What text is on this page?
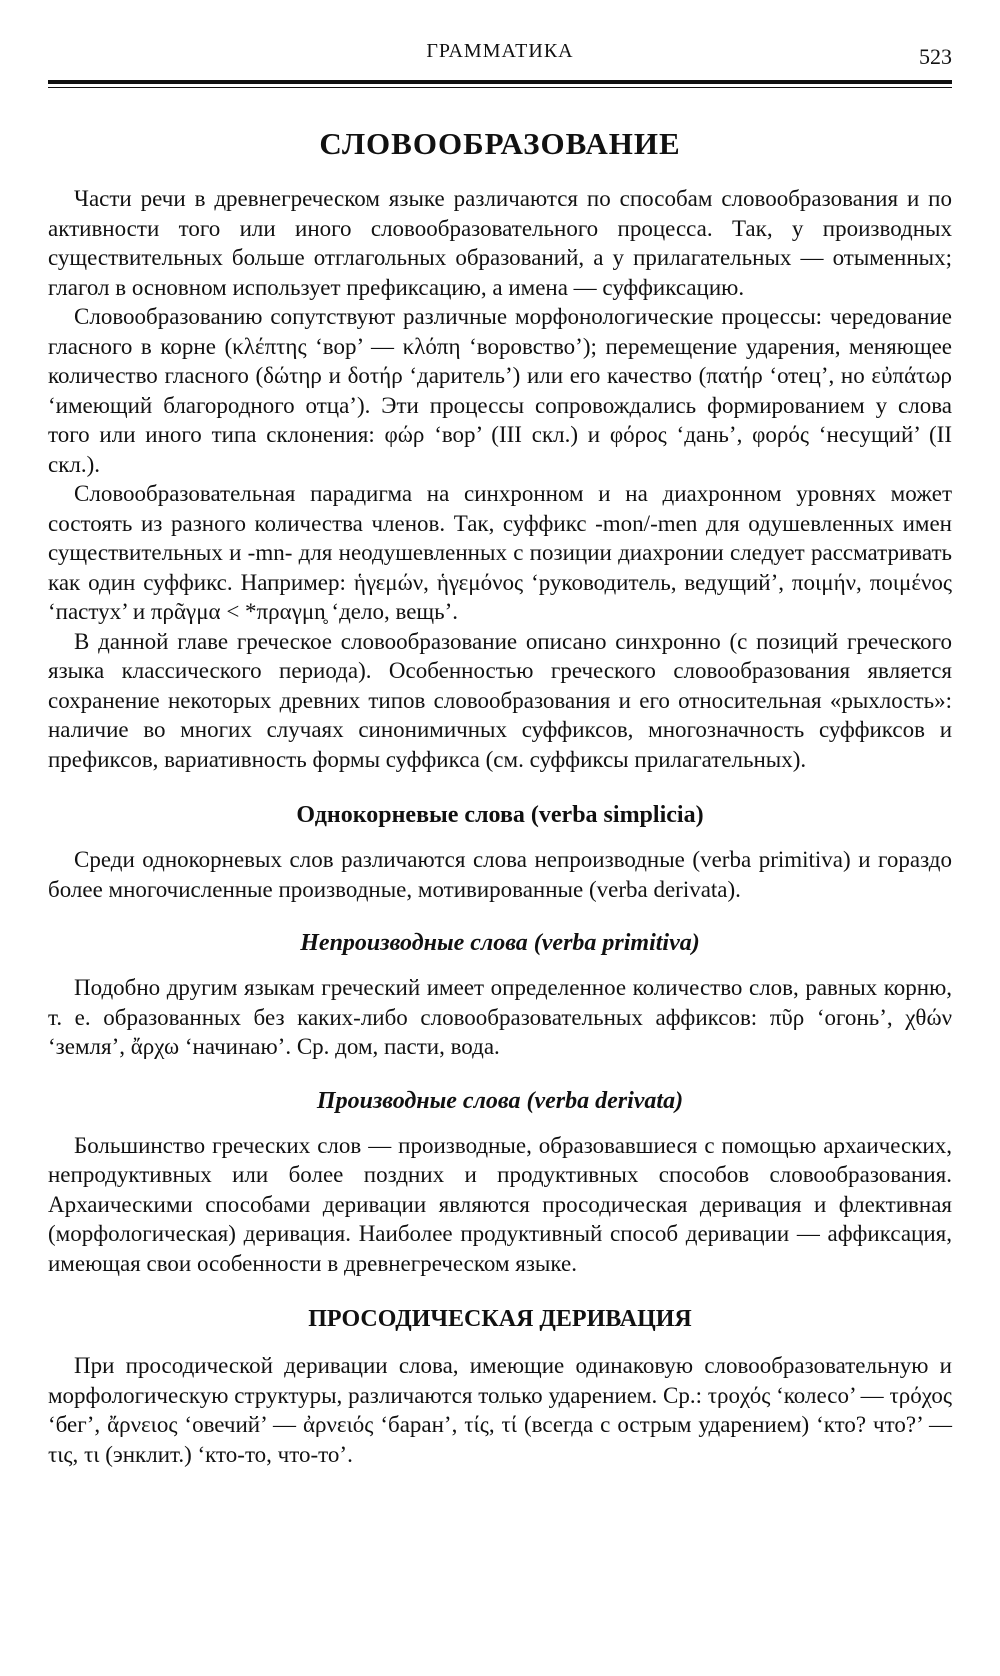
ГРАММАТИКА	523
СЛОВООБРАЗОВАНИЕ

Части речи в древнегреческом языке различаются по способам словообразования и по активности того или иного словообразовательного процесса. Так, у производных существительных больше отглагольных образований, а у прилагательных — отыменных; глагол в основном использует префиксацию, а имена — суффиксацию.

Словообразованию сопутствуют различные морфонологические процессы: чередование гласного в корне (κλέπτης ‘вор’ — κλόπη ‘воровство’); перемещение ударения, меняющее количество гласного (δώτηρ и δοτήρ ‘даритель’) или его качество (πατήρ ‘отец’, но εὐπάτωρ ‘имеющий благородного отца’). Эти процессы сопровождались формированием у слова того или иного типа склонения: φώρ ‘вор’ (III скл.) и φόρος ‘дань’, φορός ‘несущий’ (II скл.).

Словообразовательная парадигма на синхронном и на диахронном уровнях может состоять из разного количества членов. Так, суффикс -mon/-men для одушевленных имен существительных и -mn- для неодушевленных с позиции диахронии следует рассматривать как один суффикс. Например: ἡγεμών, ἡγεμόνος ‘руководитель, ведущий’, ποιμήν, ποιμένος ‘пастух’ и πρᾶγμα < *πραγμn̥ ‘дело, вещь’.

В данной главе греческое словообразование описано синхронно (с позиций греческого языка классического периода). Особенностью греческого словообразования является сохранение некоторых древних типов словообразования и его относительная «рыхлость»: наличие во многих случаях синонимичных суффиксов, многозначность суффиксов и префиксов, вариативность формы суффикса (см. суффиксы прилагательных).

Однокорневые слова (verba simplicia)

Среди однокорневых слов различаются слова непроизводные (verba primitiva) и гораздо более многочисленные производные, мотивированные (verba derivata).

Непроизводные слова (verba primitiva)

Подобно другим языкам греческий имеет определенное количество слов, равных корню, т. е. образованных без каких-либо словообразовательных аффиксов: πῦρ ‘огонь’, χθών ‘земля’, ἄρχω ‘начинаю’. Ср. дом, пасти, вода.

Производные слова (verba derivata)

Большинство греческих слов — производные, образовавшиеся с помощью архаических, непродуктивных или более поздних и продуктивных способов словообразования. Архаическими способами деривации являются просодическая деривация и флективная (морфологическая) деривация. Наиболее продуктивный способ деривации — аффиксация, имеющая свои особенности в древнегреческом языке.

ПРОСОДИЧЕСКАЯ ДЕРИВАЦИЯ

При просодической деривации слова, имеющие одинаковую словообразовательную и морфологическую структуры, различаются только ударением. Ср.: τροχός ‘колесо’ — τρόχος ‘бег’, ἄρνειος ‘овечий’ — ἀρνειός ‘баран’, τίς, τί (всегда с острым ударением) ‘кто? что?’ — τις, τι (энклит.) ‘кто-то, что-то’.
